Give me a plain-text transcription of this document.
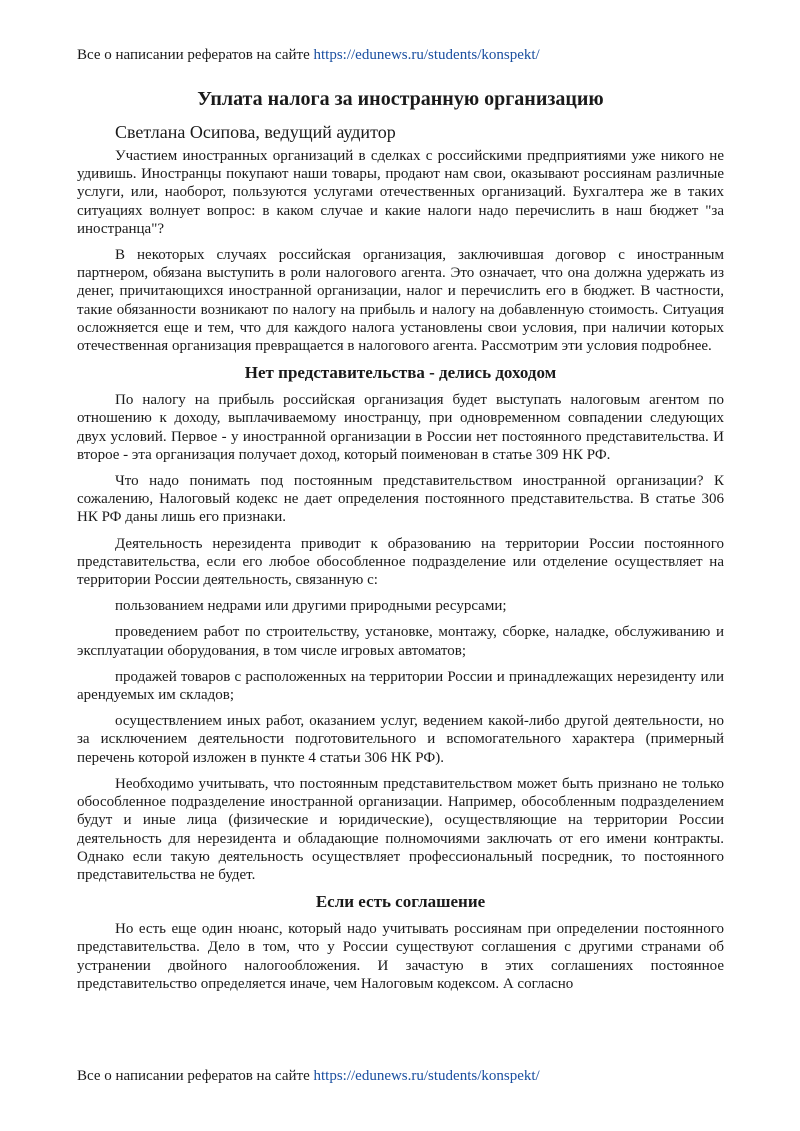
Все о написании рефератов на сайте https://edunews.ru/students/konspekt/
Уплата налога за иностранную организацию
Светлана Осипова, ведущий аудитор

Участием иностранных организаций в сделках с российскими предприятиями уже никого не удивишь. Иностранцы покупают наши товары, продают нам свои, оказывают россиянам различные услуги, или, наоборот, пользуются услугами отечественных организаций. Бухгалтера же в таких ситуациях волнует вопрос: в каком случае и какие налоги надо перечислить в наш бюджет "за иностранца"?

В некоторых случаях российская организация, заключившая договор с иностранным партнером, обязана выступить в роли налогового агента. Это означает, что она должна удержать из денег, причитающихся иностранной организации, налог и перечислить его в бюджет. В частности, такие обязанности возникают по налогу на прибыль и налогу на добавленную стоимость. Ситуация осложняется еще и тем, что для каждого налога установлены свои условия, при наличии которых отечественная организация превращается в налогового агента. Рассмотрим эти условия подробнее.

Нет представительства - делись доходом

По налогу на прибыль российская организация будет выступать налоговым агентом по отношению к доходу, выплачиваемому иностранцу, при одновременном совпадении следующих двух условий. Первое - у иностранной организации в России нет постоянного представительства. И второе - эта организация получает доход, который поименован в статье 309 НК РФ.

Что надо понимать под постоянным представительством иностранной организации? К сожалению, Налоговый кодекс не дает определения постоянного представительства. В статье 306 НК РФ даны лишь его признаки.

Деятельность нерезидента приводит к образованию на территории России постоянного представительства, если его любое обособленное подразделение или отделение осуществляет на территории России деятельность, связанную с:

пользованием недрами или другими природными ресурсами;

проведением работ по строительству, установке, монтажу, сборке, наладке, обслуживанию и эксплуатации оборудования, в том числе игровых автоматов;

продажей товаров с расположенных на территории России и принадлежащих нерезиденту или арендуемых им складов;

осуществлением иных работ, оказанием услуг, ведением какой-либо другой деятельности, но за исключением деятельности подготовительного и вспомогательного характера (примерный перечень которой изложен в пункте 4 статьи 306 НК РФ).

Необходимо учитывать, что постоянным представительством может быть признано не только обособленное подразделение иностранной организации. Например, обособленным подразделением будут и иные лица (физические и юридические), осуществляющие на территории России деятельность для нерезидента и обладающие полномочиями заключать от его имени контракты. Однако если такую деятельность осуществляет профессиональный посредник, то постоянного представительства не будет.

Если есть соглашение

Но есть еще один нюанс, который надо учитывать россиянам при определении постоянного представительства. Дело в том, что у России существуют соглашения с другими странами об устранении двойного налогообложения. И зачастую в этих соглашениях постоянное представительство определяется иначе, чем Налоговым кодексом. А согласно

Все о написании рефератов на сайте https://edunews.ru/students/konspekt/
